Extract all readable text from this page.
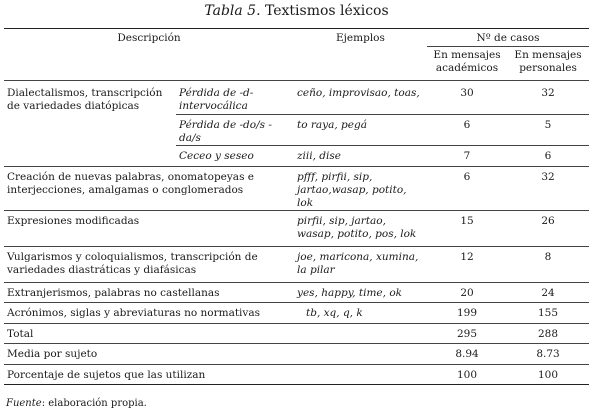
Tabla 5. Textismos léxicos
Descripción		Ejemplos	Nº de casos	
			En mensajes académicos	En mensajes personales
Dialectalismos, transcripción de variedades diatópicas	Pérdida de -d- intervocálica	ceño, improvisao, toas,	30	32
	Pérdida de -do/s -da/s	to raya, pegá	6	5
	Ceceo y seseo	ziii, dise	7	6
Creación de nuevas palabras, onomatopeyas e interjecciones, amalgamas o conglomerados		pfff, pirfii, sip, jartao,wasap, potito, lok	6	32
Expresiones modificadas		pirfii, sip, jartao, wasap, potito, pos, lok	15	26
Vulgarismos y coloquialismos, transcripción de variedades diastráticas y diafásicas		joe, maricona, xumina, la pilar	12	8
Extranjerismos, palabras no castellanas		yes, happy, time, ok	20	24
Acrónimos, siglas y abreviaturas no normativas		tb, xq, q, k	199	155
Total			295	288
Media por sujeto			8.94	8.73
Porcentaje de sujetos que las utilizan			100	100
Fuente: elaboración propia.
